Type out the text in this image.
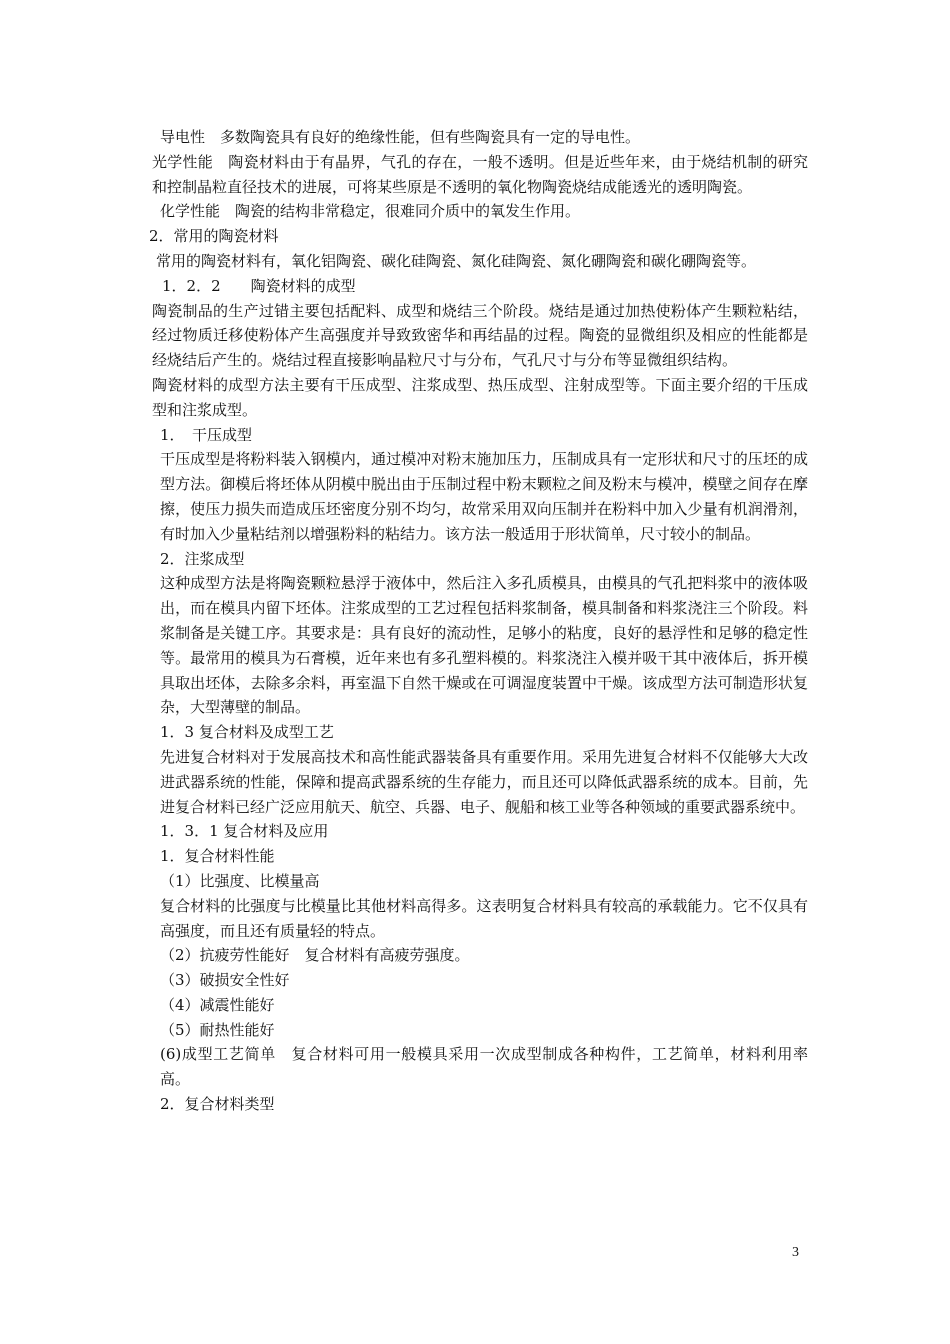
导电性　多数陶瓷具有良好的绝缘性能，但有些陶瓷具有一定的导电性。

光学性能　陶瓷材料由于有晶界，气孔的存在，一般不透明。但是近些年来，由于烧结机制的研究和控制晶粒直径技术的进展，可将某些原是不透明的氧化物陶瓷烧结成能透光的透明陶瓷。

化学性能　陶瓷的结构非常稳定，很难同介质中的氧发生作用。

2．常用的陶瓷材料

常用的陶瓷材料有，氧化铝陶瓷、碳化硅陶瓷、氮化硅陶瓷、氮化硼陶瓷和碳化硼陶瓷等。

1．2．2　　陶瓷材料的成型

陶瓷制品的生产过错主要包括配料、成型和烧结三个阶段。烧结是通过加热使粉体产生颗粒粘结，经过物质迁移使粉体产生高强度并导致致密华和再结晶的过程。陶瓷的显微组织及相应的性能都是经烧结后产生的。烧结过程直接影响晶粒尺寸与分布，气孔尺寸与分布等显微组织结构。

陶瓷材料的成型方法主要有干压成型、注浆成型、热压成型、注射成型等。下面主要介绍的干压成型和注浆成型。

1．　干压成型

干压成型是将粉料装入钢模内，通过模冲对粉末施加压力，压制成具有一定形状和尺寸的压坯的成型方法。御模后将坯体从阴模中脱出由于压制过程中粉末颗粒之间及粉末与模冲，模壁之间存在摩擦，使压力损失而造成压坯密度分别不均匀，故常采用双向压制并在粉料中加入少量有机润滑剂，有时加入少量粘结剂以增强粉料的粘结力。该方法一般适用于形状简单，尺寸较小的制品。

2．注浆成型

这种成型方法是将陶瓷颗粒悬浮于液体中，然后注入多孔质模具，由模具的气孔把料浆中的液体吸出，而在模具内留下坯体。注浆成型的工艺过程包括料浆制备，模具制备和料浆浇注三个阶段。料浆制备是关键工序。其要求是：具有良好的流动性，足够小的粘度，良好的悬浮性和足够的稳定性等。最常用的模具为石膏模，近年来也有多孔塑料模的。料浆浇注入模并吸干其中液体后，拆开模具取出坯体，去除多余料，再室温下自然干燥或在可调湿度装置中干燥。该成型方法可制造形状复杂，大型薄壁的制品。

1．3 复合材料及成型工艺

先进复合材料对于发展高技术和高性能武器装备具有重要作用。采用先进复合材料不仅能够大大改进武器系统的性能，保障和提高武器系统的生存能力，而且还可以降低武器系统的成本。目前，先进复合材料已经广泛应用航天、航空、兵器、电子、舰船和核工业等各种领域的重要武器系统中。

1．3．1 复合材料及应用

1．复合材料性能

（1）比强度、比模量高

复合材料的比强度与比模量比其他材料高得多。这表明复合材料具有较高的承载能力。它不仅具有高强度，而且还有质量轻的特点。

（2）抗疲劳性能好　复合材料有高疲劳强度。

（3）破损安全性好

（4）减震性能好

（5）耐热性能好

(6)成型工艺简单　复合材料可用一般模具采用一次成型制成各种构件，工艺简单，材料利用率高。

2．复合材料类型

3
